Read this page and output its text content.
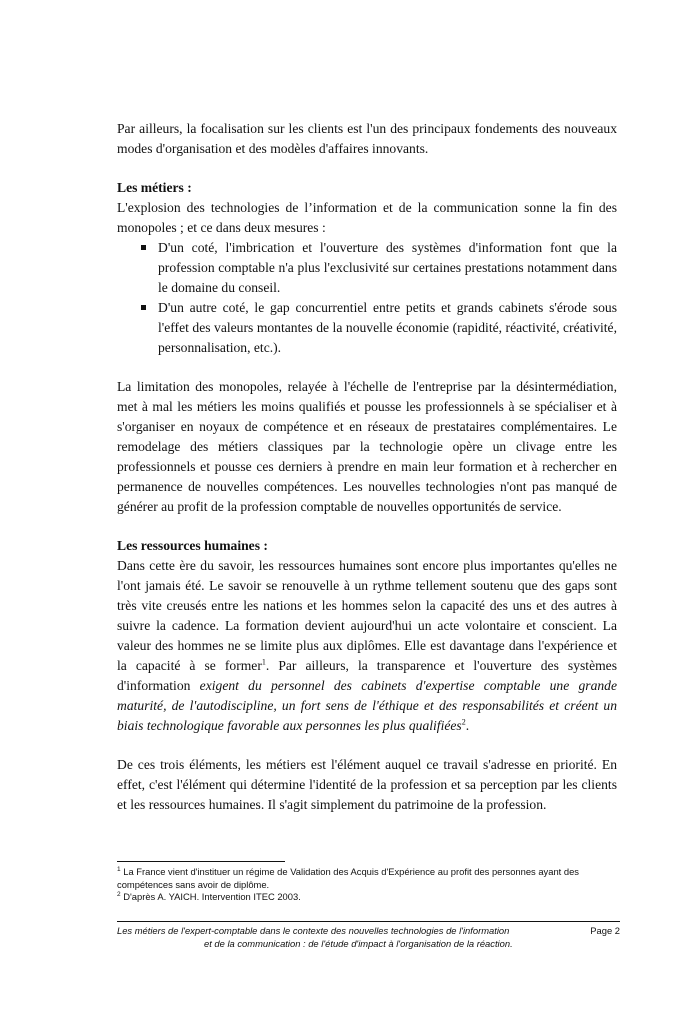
Par ailleurs, la focalisation sur les clients est l'un des principaux fondements des nouveaux modes d'organisation et des modèles d'affaires innovants.

Les métiers :

L'explosion des technologies de l’information et de la communication sonne la fin des monopoles ; et ce dans deux mesures :

D'un coté, l'imbrication et l'ouverture des systèmes d'information font que la profession comptable n'a plus l'exclusivité sur certaines prestations notamment dans le domaine du conseil.
D'un autre coté, le gap concurrentiel entre petits et grands cabinets s'érode sous l'effet des valeurs montantes de la nouvelle économie (rapidité, réactivité, créativité, personnalisation, etc.).

La limitation des monopoles, relayée à l'échelle de l'entreprise par la désintermédiation, met à mal les métiers les moins qualifiés et pousse les professionnels à se spécialiser et à s'organiser en noyaux de compétence et en réseaux de prestataires complémentaires. Le remodelage des métiers classiques par la technologie opère un clivage entre les professionnels et pousse ces derniers à prendre en main leur formation et à rechercher en permanence de nouvelles compétences. Les nouvelles technologies n'ont pas manqué de générer au profit de la profession comptable de nouvelles opportunités de service.

Les ressources humaines :

Dans cette ère du savoir, les ressources humaines sont encore plus importantes qu'elles ne l'ont jamais été. Le savoir se renouvelle à un rythme tellement soutenu que des gaps sont très vite creusés entre les nations et les hommes selon la capacité des uns et des autres à suivre la cadence. La formation devient aujourd'hui un acte volontaire et conscient. La valeur des hommes ne se limite plus aux diplômes. Elle est davantage dans l'expérience et la capacité à se former$^1$. Par ailleurs, la transparence et l'ouverture des systèmes d'information exigent du personnel des cabinets d'expertise comptable une grande maturité, de l'autodiscipline, un fort sens de l'éthique et des responsabilités et créent un biais technologique favorable aux personnes les plus qualifiées$^2$.

De ces trois éléments, les métiers est l'élément auquel ce travail s'adresse en priorité. En effet, c'est l'élément qui détermine l'identité de la profession et sa perception par les clients et les ressources humaines. Il s'agit simplement du patrimoine de la profession.

$^1$ La France vient d'instituer un régime de Validation des Acquis d'Expérience au profit des personnes ayant des compétences sans avoir de diplôme.
$^2$ D'après A. YAICH. Intervention ITEC 2003.
Les métiers de l'expert-comptable dans le contexte des nouvelles technologies de l'information
et de la communication : de l'étude d'impact à l'organisation de la réaction.
Page 2
